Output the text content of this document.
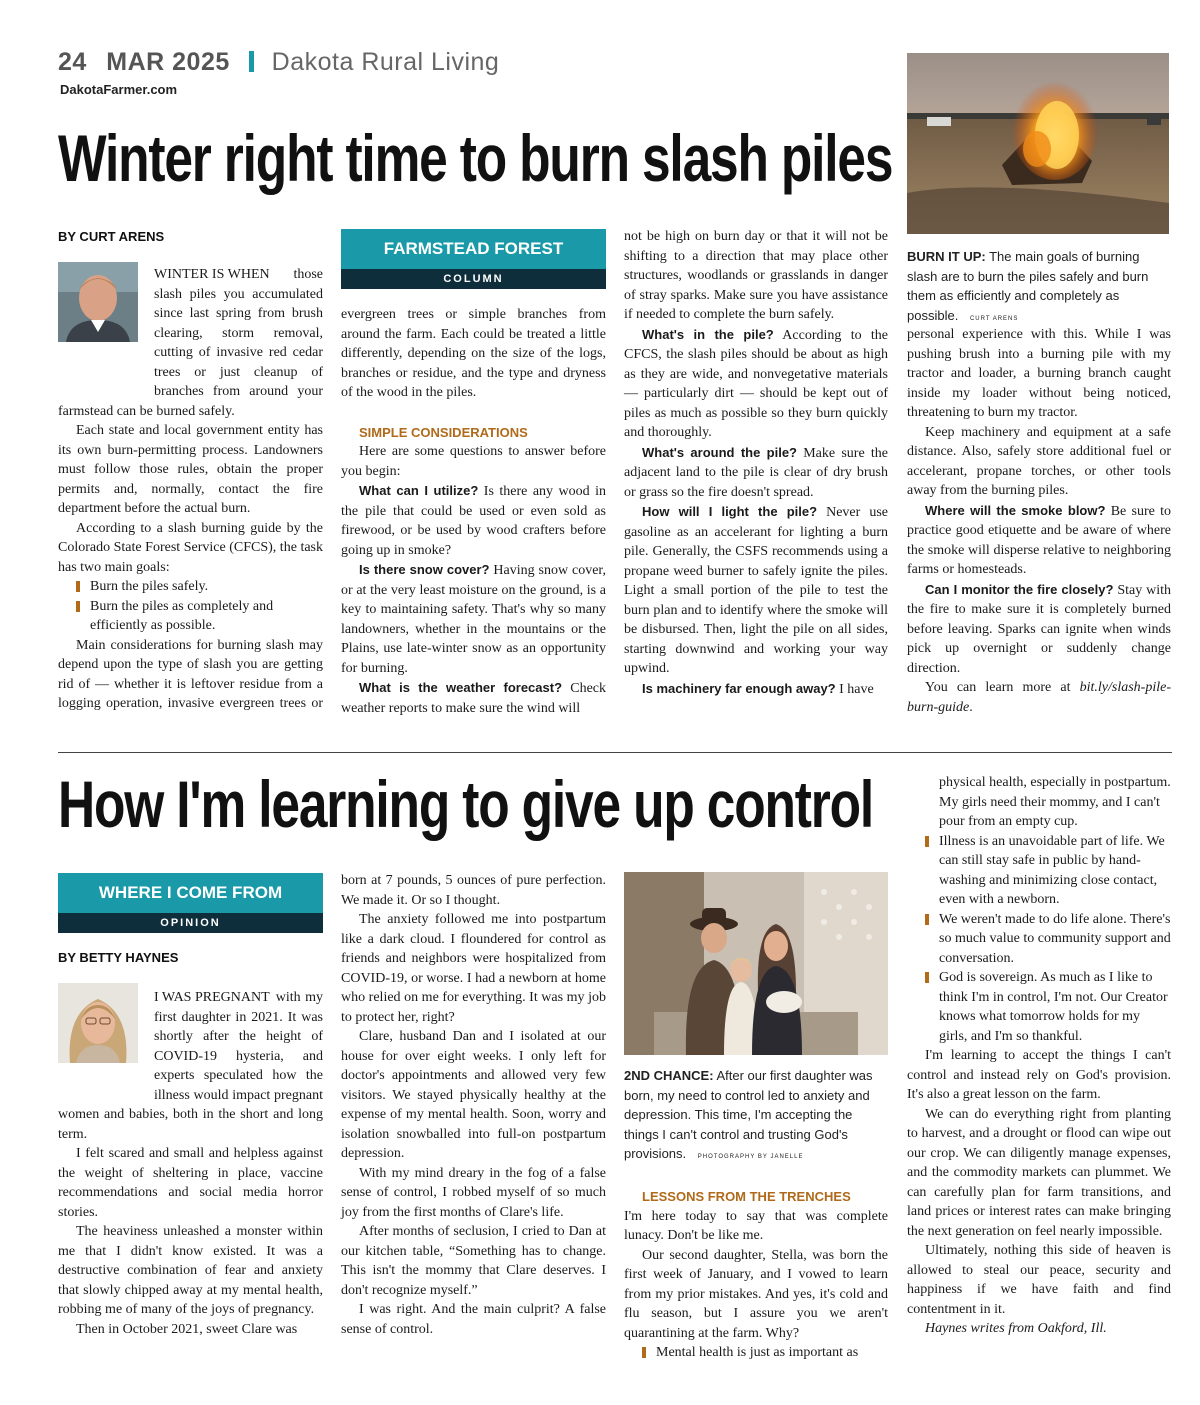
24 MAR 2025 Dakota Rural Living
DakotaFarmer.com
Winter right time to burn slash piles
BURN IT UP: The main goals of burning slash are to burn the piles safely and burn them as efficiently and completely as possible. CURT ARENS
BY CURT ARENS

WINTER IS WHEN	those slash piles you accumulated since last spring from brush clearing, storm removal, cutting of invasive red cedar trees or just cleanup of branches from around your farmstead can be burned safely.

Each state and local government entity has its own burn-permitting process. Landowners must follow those rules, obtain the proper permits and, normally, contact the fire department before the actual burn.

According to a slash burning guide by the Colorado State Forest Service (CFCS), the task has two main goals:

Burn the piles safely.
Burn the piles as completely and efficiently as possible.

Main considerations for burning slash may depend upon the type of slash you are getting rid of — whether it is leftover residue from a logging operation, invasive evergreen trees or

FARMSTEAD FOREST
COLUMN

evergreen trees or simple branches from around the farm. Each could be treated a little differently, depending on the size of the logs, branches or residue, and the type and dryness of the wood in the piles.

SIMPLE CONSIDERATIONS

Here are some questions to answer before you begin:

What can I utilize? Is there any wood in the pile that could be used or even sold as firewood, or be used by wood crafters before going up in smoke?

Is there snow cover? Having snow cover, or at the very least moisture on the ground, is a key to maintaining safety. That's why so many landowners, whether in the mountains or the Plains, use late-winter snow as an opportunity for burning.

What is the weather forecast? Check weather reports to make sure the wind will

not be high on burn day or that it will not be shifting to a direction that may place other structures, woodlands or grasslands in danger of stray sparks. Make sure you have assistance if needed to complete the burn safely.

What's in the pile? According to the CFCS, the slash piles should be about as high as they are wide, and nonvegetative materials — particularly dirt — should be kept out of piles as much as possible so they burn quickly and thoroughly.

What's around the pile? Make sure the adjacent land to the pile is clear of dry brush or grass so the fire doesn't spread.

How will I light the pile? Never use gasoline as an accelerant for lighting a burn pile. Generally, the CSFS recommends using a propane weed burner to safely ignite the piles. Light a small portion of the pile to test the burn plan and to identify where the smoke will be disbursed. Then, light the pile on all sides, starting downwind and working your way upwind.

Is machinery far enough away? I have

personal experience with this. While I was pushing brush into a burning pile with my tractor and loader, a burning branch caught inside my loader without being noticed, threatening to burn my tractor.

Keep machinery and equipment at a safe distance. Also, safely store additional fuel or accelerant, propane torches, or other tools away from the burning piles.

Where will the smoke blow? Be sure to practice good etiquette and be aware of where the smoke will disperse relative to neighboring farms or homesteads.

Can I monitor the fire closely? Stay with the fire to make sure it is completely burned before leaving. Sparks can ignite when winds pick up overnight or suddenly change direction.

You can learn more at bit.ly/slash-pile-burn-guide.

How I'm learning to give up control
WHERE I COME FROM
OPINION
BY BETTY HAYNES

I WAS PREGNANT with my first daughter in 2021. It was shortly after the height of COVID-19 hysteria, and experts speculated how the illness would impact pregnant women and babies, both in the short and long term.

I felt scared and small and helpless against the weight of sheltering in place, vaccine recommendations and social media horror stories.

The heaviness unleashed a monster within me that I didn't know existed. It was a destructive combination of fear and anxiety that slowly chipped away at my mental health, robbing me of many of the joys of pregnancy.

Then in October 2021, sweet Clare was

born at 7 pounds, 5 ounces of pure perfection. We made it. Or so I thought.

The anxiety followed me into postpartum like a dark cloud. I floundered for control as friends and neighbors were hospitalized from COVID-19, or worse. I had a newborn at home who relied on me for everything. It was my job to protect her, right?

Clare, husband Dan and I isolated at our house for over eight weeks. I only left for doctor's appointments and allowed very few visitors. We stayed physically healthy at the expense of my mental health. Soon, worry and isolation snowballed into full-on postpartum depression.

With my mind dreary in the fog of a false sense of control, I robbed myself of so much joy from the first months of Clare's life.

After months of seclusion, I cried to Dan at our kitchen table, “Something has to change. This isn't the mommy that Clare deserves. I don't recognize myself.”

I was right. And the main culprit? A false sense of control.

2ND CHANCE: After our first daughter was born, my need to control led to anxiety and depression. This time, I'm accepting the things I can't control and trusting God's provisions. PHOTOGRAPHY BY JANELLE

LESSONS FROM THE TRENCHES

I'm here today to say that was complete lunacy. Don't be like me.

Our second daughter, Stella, was born the first week of January, and I vowed to learn from my prior mistakes. And yes, it's cold and flu season, but I assure you we aren't quarantining at the farm. Why?

Mental health is just as important as
physical health, especially in postpartum. My girls need their mommy, and I can't pour from an empty cup.
Illness is an unavoidable part of life. We can still stay safe in public by hand-washing and minimizing close contact, even with a newborn.
We weren't made to do life alone. There's so much value to community support and conversation.
God is sovereign. As much as I like to think I'm in control, I'm not. Our Creator knows what tomorrow holds for my girls, and I'm so thankful.

I'm learning to accept the things I can't control and instead rely on God's provision. It's also a great lesson on the farm.

We can do everything right from planting to harvest, and a drought or flood can wipe out our crop. We can diligently manage expenses, and the commodity markets can plummet. We can carefully plan for farm transitions, and land prices or interest rates can make bringing the next generation on feel nearly impossible.

Ultimately, nothing this side of heaven is allowed to steal our peace, security and happiness if we have faith and find contentment in it.

Haynes writes from Oakford, Ill.
